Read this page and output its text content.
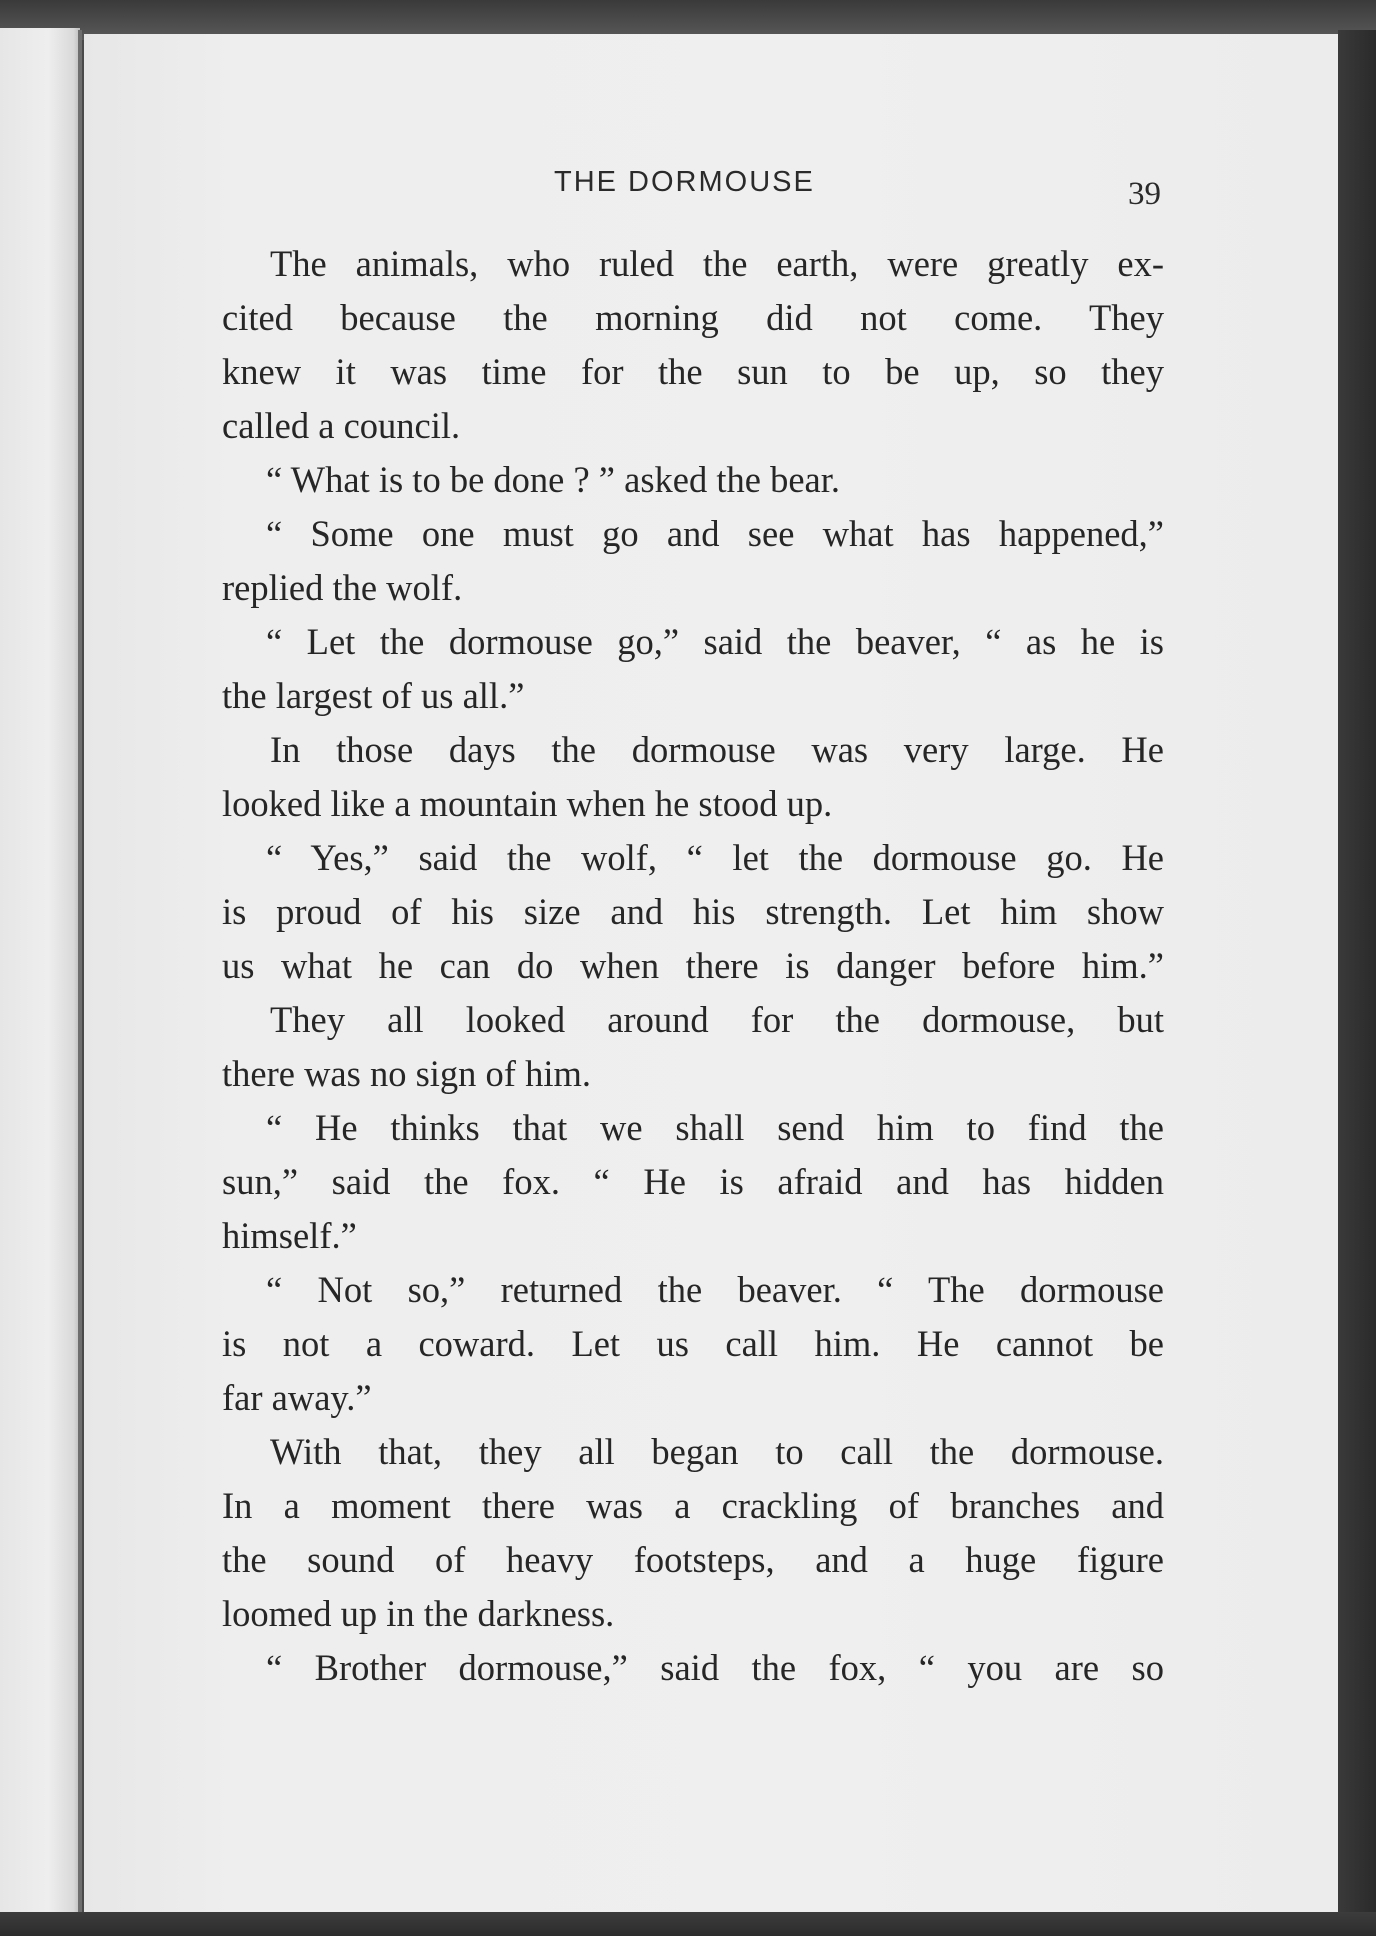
THE DORMOUSE	39
The animals, who ruled the earth, were greatly ex-
cited because the morning did not come. They
knew it was time for the sun to be up, so they
called a council.
“ What is to be done ? ” asked the bear.
“ Some one must go and see what has happened,”
replied the wolf.
“ Let the dormouse go,” said the beaver, “ as he is
the largest of us all.”
In those days the dormouse was very large. He
looked like a mountain when he stood up.
“ Yes,” said the wolf, “ let the dormouse go. He
is proud of his size and his strength. Let him show
us what he can do when there is danger before him.”
They all looked around for the dormouse, but
there was no sign of him.
“ He thinks that we shall send him to find the
sun,” said the fox. “ He is afraid and has hidden
himself.”
“ Not so,” returned the beaver. “ The dormouse
is not a coward. Let us call him. He cannot be
far away.”
With that, they all began to call the dormouse.
In a moment there was a crackling of branches and
the sound of heavy footsteps, and a huge figure
loomed up in the darkness.
“ Brother dormouse,” said the fox, “ you are so
